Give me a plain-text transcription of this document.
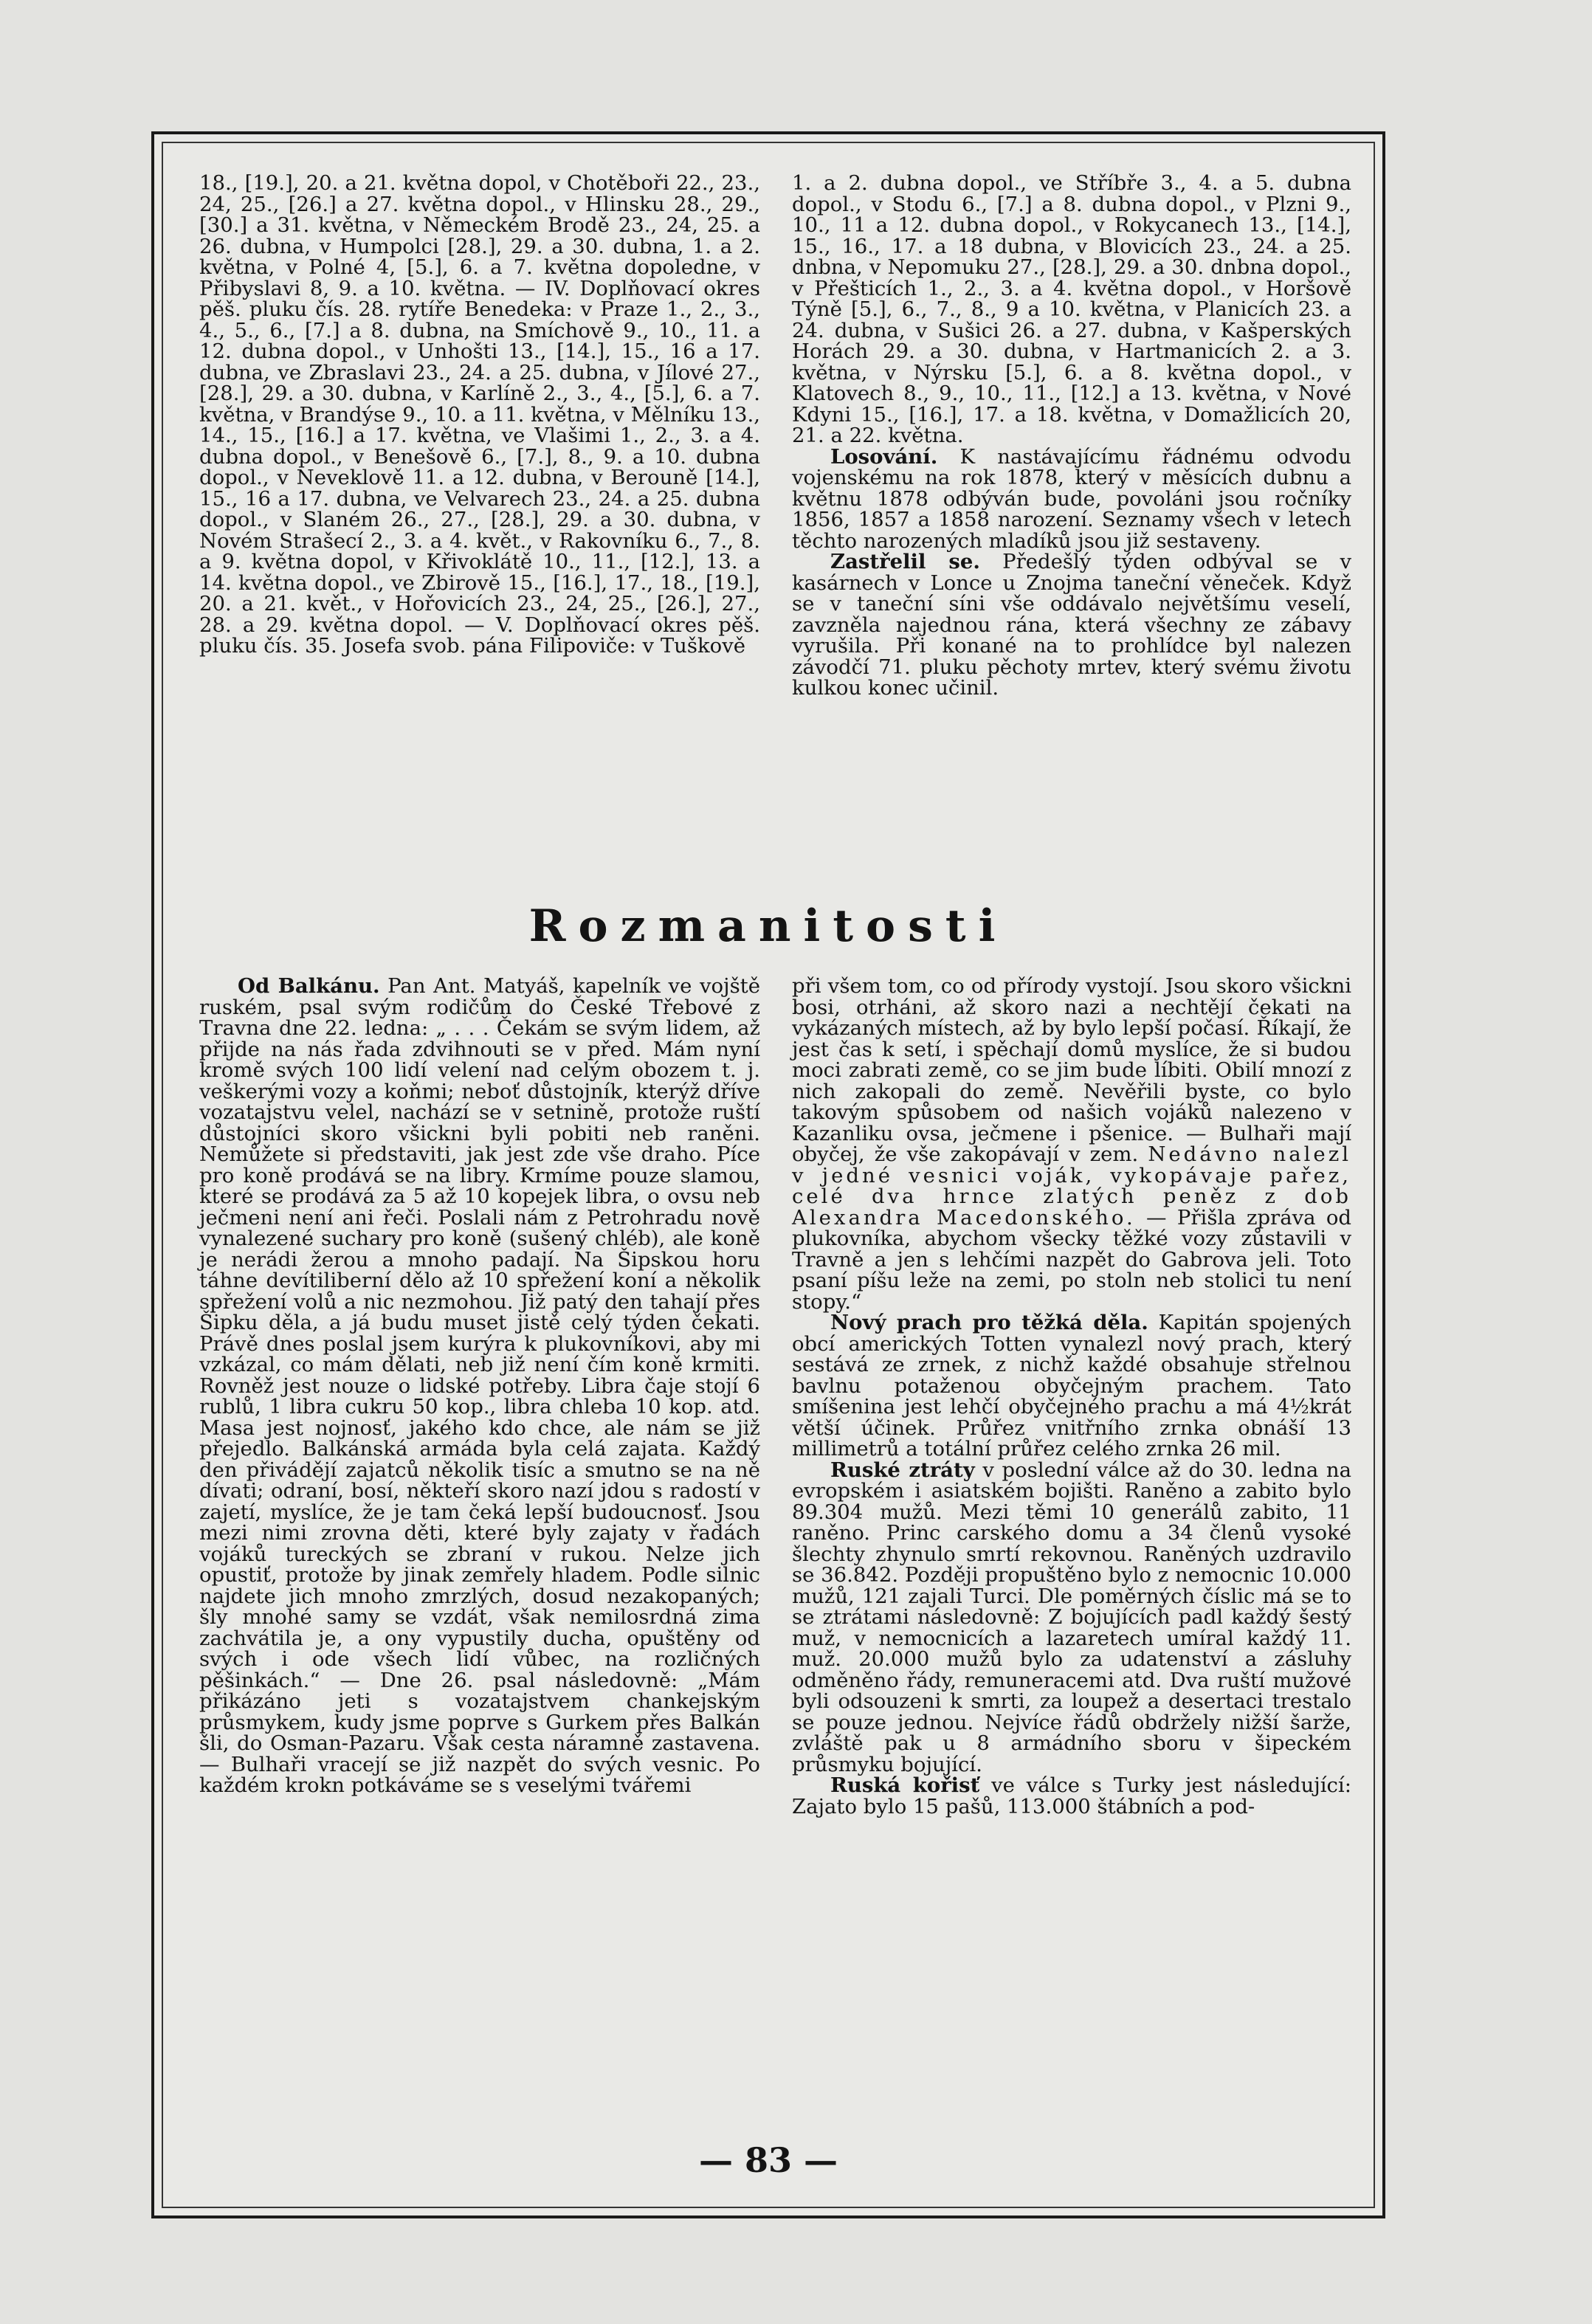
18., [19.], 20. a 21. května dopol, v Chotěboři 22., 23., 24, 25., [26.] a 27. května dopol., v Hlinsku 28., 29., [30.] a 31. května, v Německém Brodě 23., 24, 25. a 26. dubna, v Humpolci [28.], 29. a 30. dubna, 1. a 2. května, v Polné 4, [5.], 6. a 7. května dopoledne, v Přibyslavi 8, 9. a 10. května. — IV. Doplňovací okres pěš. pluku čís. 28. rytíře Benedeka: v Praze 1., 2., 3., 4., 5., 6., [7.] a 8. dubna, na Smíchově 9., 10., 11. a 12. dubna dopol., v Unhošti 13., [14.], 15., 16 a 17. dubna, ve Zbraslavi 23., 24. a 25. dubna, v Jílové 27., [28.], 29. a 30. dubna, v Karlíně 2., 3., 4., [5.], 6. a 7. května, v Brandýse 9., 10. a 11. května, v Mělníku 13., 14., 15., [16.] a 17. května, ve Vlašimi 1., 2., 3. a 4. dubna dopol., v Benešově 6., [7.], 8., 9. a 10. dubna dopol., v Neveklově 11. a 12. dubna, v Berouně [14.], 15., 16 a 17. dubna, ve Velvarech 23., 24. a 25. dubna dopol., v Slaném 26., 27., [28.], 29. a 30. dubna, v Novém Strašecí 2., 3. a 4. květ., v Rakovníku 6., 7., 8. a 9. května dopol, v Křivoklátě 10., 11., [12.], 13. a 14. května dopol., ve Zbirově 15., [16.], 17., 18., [19.], 20. a 21. květ., v Hořovicích 23., 24, 25., [26.], 27., 28. a 29. května dopol. — V. Doplňovací okres pěš. pluku čís. 35. Josefa svob. pána Filipoviče: v Tuškově

1. a 2. dubna dopol., ve Stříbře 3., 4. a 5. dubna dopol., v Stodu 6., [7.] a 8. dubna dopol., v Plzni 9., 10., 11 a 12. dubna dopol., v Rokycanech 13., [14.], 15., 16., 17. a 18 dubna, v Blovicích 23., 24. a 25. dnbna, v Nepomuku 27., [28.], 29. a 30. dnbna dopol., v Přešticích 1., 2., 3. a 4. května dopol., v Horšově Týně [5.], 6., 7., 8., 9 a 10. května, v Planicích 23. a 24. dubna, v Sušici 26. a 27. dubna, v Kašperských Horách 29. a 30. dubna, v Hartmanicích 2. a 3. května, v Nýrsku [5.], 6. a 8. května dopol., v Klatovech 8., 9., 10., 11., [12.] a 13. května, v Nové Kdyni 15., [16.], 17. a 18. května, v Domažlicích 20, 21. a 22. května.

Losování. K nastávajícímu řádnému odvodu vojenskému na rok 1878, který v měsících dubnu a květnu 1878 odbýván bude, povoláni jsou ročníky 1856, 1857 a 1858 narození. Seznamy všech v letech těchto narozených mladíků jsou již sestaveny.

Zastřelil se. Předešlý týden odbýval se v kasárnech v Lonce u Znojma taneční věneček. Když se v taneční síni vše oddávalo největšímu veselí, zavzněla najednou rána, která všechny ze zábavy vyrušila. Při konané na to prohlídce byl nalezen závodčí 71. pluku pěchoty mrtev, který svému životu kulkou konec učinil.

Rozmanitosti

Od Balkánu. Pan Ant. Matyáš, kapelník ve vojště ruském, psal svým rodičům do České Třebové z Travna dne 22. ledna: „ . . . Čekám se svým lidem, až přijde na nás řada zdvihnouti se v před. Mám nyní kromě svých 100 lidí velení nad celým obozem t. j. veškerými vozy a koňmi; neboť důstojník, kterýž dříve vozatajstvu velel, nachází se v setnině, protože ruští důstojníci skoro všickni byli pobiti neb raněni. Nemůžete si představiti, jak jest zde vše draho. Píce pro koně prodává se na libry. Krmíme pouze slamou, které se prodává za 5 až 10 kopejek libra, o ovsu neb ječmeni není ani řeči. Poslali nám z Petrohradu nově vynalezené suchary pro koně (sušený chléb), ale koně je nerádi žerou a mnoho padají. Na Šipskou horu táhne devítiliberní dělo až 10 spřežení koní a několik spřežení volů a nic nezmohou. Již patý den tahají přes Šipku děla, a já budu muset jistě celý týden čekati. Právě dnes poslal jsem kurýra k plukovníkovi, aby mi vzkázal, co mám dělati, neb již není čím koně krmiti. Rovněž jest nouze o lidské potřeby. Libra čaje stojí 6 rublů, 1 libra cukru 50 kop., libra chleba 10 kop. atd. Masa jest nojnosť, jakého kdo chce, ale nám se již přejedlo. Balkánská armáda byla celá zajata. Každý den přivádějí zajatců několik tisíc a smutno se na ně dívati; odraní, bosí, někteří skoro nazí jdou s radostí v zajetí, myslíce, že je tam čeká lepší budoucnosť. Jsou mezi nimi zrovna děti, které byly zajaty v řadách vojáků tureckých se zbraní v rukou. Nelze jich opustiť, protože by jinak zemřely hladem. Podle silnic najdete jich mnoho zmrzlých, dosud nezakopaných; šly mnohé samy se vzdát, však nemilosrdná zima zachvátila je, a ony vypustily ducha, opuštěny od svých i ode všech lidí vůbec, na rozličných pěšinkách.“ — Dne 26. psal následovně: „Mám přikázáno jeti s vozatajstvem chankejským průsmykem, kudy jsme poprve s Gurkem přes Balkán šli, do Osman-Pazaru. Však cesta náramně zastavena. — Bulhaři vracejí se již nazpět do svých vesnic. Po každém krokn potkáváme se s veselými tvářemi

při všem tom, co od přírody vystojí. Jsou skoro všickni bosi, otrháni, až skoro nazi a nechtějí čekati na vykázaných místech, až by bylo lepší počasí. Říkají, že jest čas k setí, i spěchají domů myslíce, že si budou moci zabrati země, co se jim bude líbiti. Obilí mnozí z nich zakopali do země. Nevěřili byste, co bylo takovým spůsobem od našich vojáků nalezeno v Kazanliku ovsa, ječmene i pšenice. — Bulhaři mají obyčej, že vše zakopávají v zem. Nedávno nalezl v jedné vesnici voják, vykopávaje pařez, celé dva hrnce zlatých peněz z dob Alexandra Macedonského. — Přišla zpráva od plukovníka, abychom všecky těžké vozy zůstavili v Travně a jen s lehčími nazpět do Gabrova jeli. Toto psaní píšu leže na zemi, po stoln neb stolici tu není stopy.“

Nový prach pro těžká děla. Kapitán spojených obcí amerických Totten vynalezl nový prach, který sestává ze zrnek, z nichž každé obsahuje střelnou bavlnu potaženou obyčejným prachem. Tato smíšenina jest lehčí obyčejného prachu a má 4½krát větší účinek. Průřez vnitřního zrnka obnáší 13 millimetrů a totální průřez celého zrnka 26 mil.

Ruské ztráty v poslední válce až do 30. ledna na evropském i asiatském bojišti. Raněno a zabito bylo 89.304 mužů. Mezi těmi 10 generálů zabito, 11 raněno. Princ carského domu a 34 členů vysoké šlechty zhynulo smrtí rekovnou. Raněných uzdravilo se 36.842. Později propuštěno bylo z nemocnic 10.000 mužů, 121 zajali Turci. Dle poměrných číslic má se to se ztrátami následovně: Z bojujících padl každý šestý muž, v nemocnicích a lazaretech umíral každý 11. muž. 20.000 mužů bylo za udatenství a zásluhy odměněno řády, remuneracemi atd. Dva ruští mužové byli odsouzeni k smrti, za loupež a desertaci trestalo se pouze jednou. Nejvíce řádů obdržely nižší šarže, zvláště pak u 8 armádního sboru v šipeckém průsmyku bojující.

Ruská kořisť ve válce s Turky jest následující: Zajato bylo 15 pašů, 113.000 štábních a pod-

— 83 —
